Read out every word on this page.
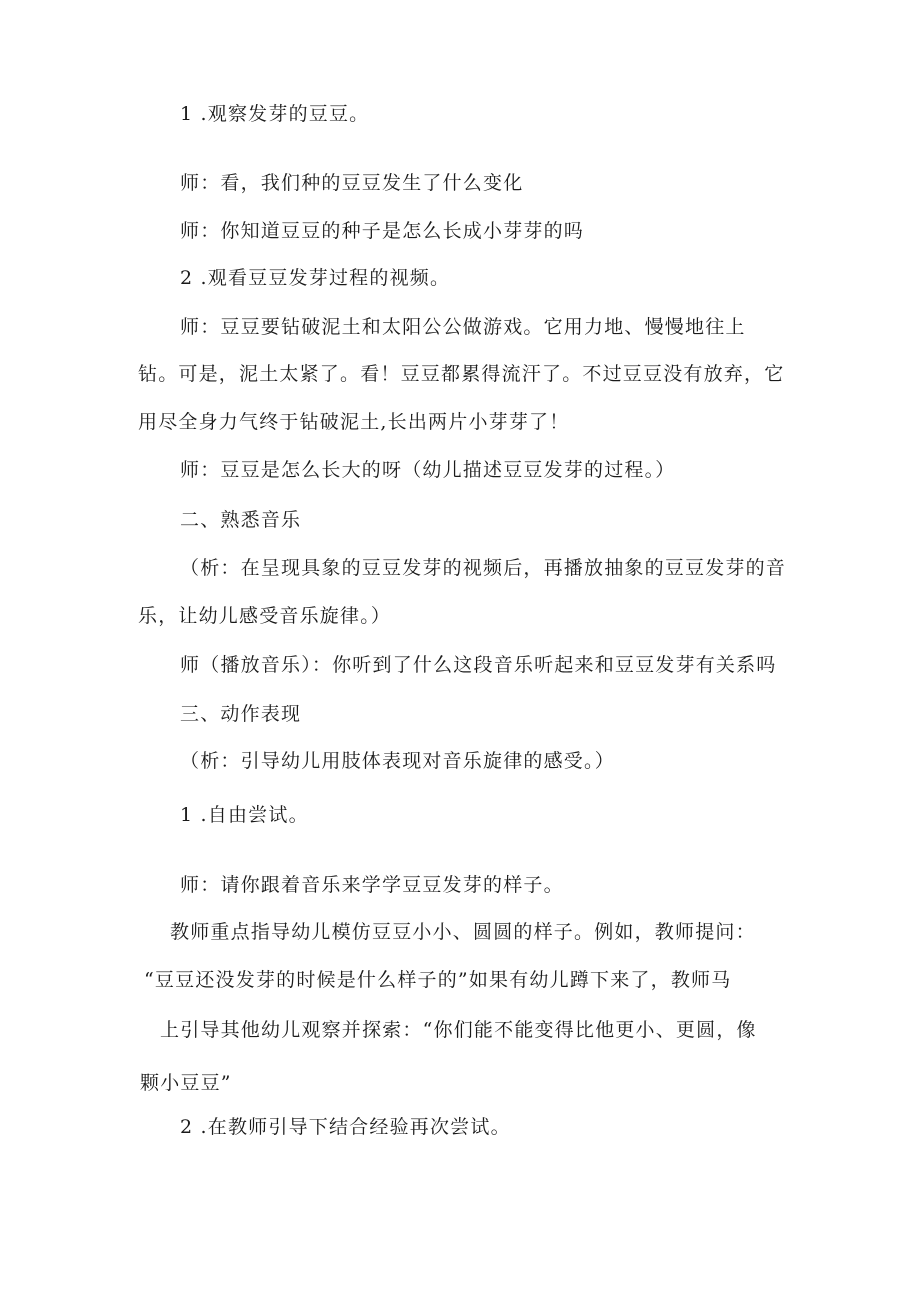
1 .观察发芽的豆豆。
师：看，我们种的豆豆发生了什么变化
师：你知道豆豆的种子是怎么长成小芽芽的吗
2 .观看豆豆发芽过程的视频。
师：豆豆要钻破泥土和太阳公公做游戏。它用力地、慢慢地往上
钻。可是，泥土太紧了。看！豆豆都累得流汗了。不过豆豆没有放弃，它
用尽全身力气终于钻破泥土,长出两片小芽芽了！
师：豆豆是怎么长大的呀（幼儿描述豆豆发芽的过程。）
二、熟悉音乐
（析：在呈现具象的豆豆发芽的视频后，再播放抽象的豆豆发芽的音
乐，让幼儿感受音乐旋律。）
师（播放音乐）：你听到了什么这段音乐听起来和豆豆发芽有关系吗
三、动作表现
（析：引导幼儿用肢体表现对音乐旋律的感受。）
1 .自由尝试。
师：请你跟着音乐来学学豆豆发芽的样子。
教师重点指导幼儿模仿豆豆小小、圆圆的样子。例如，教师提问：
“豆豆还没发芽的时候是什么样子的”如果有幼儿蹲下来了，教师马
上引导其他幼儿观察并探索：“你们能不能变得比他更小、更圆，像
颗小豆豆”
2 .在教师引导下结合经验再次尝试。
